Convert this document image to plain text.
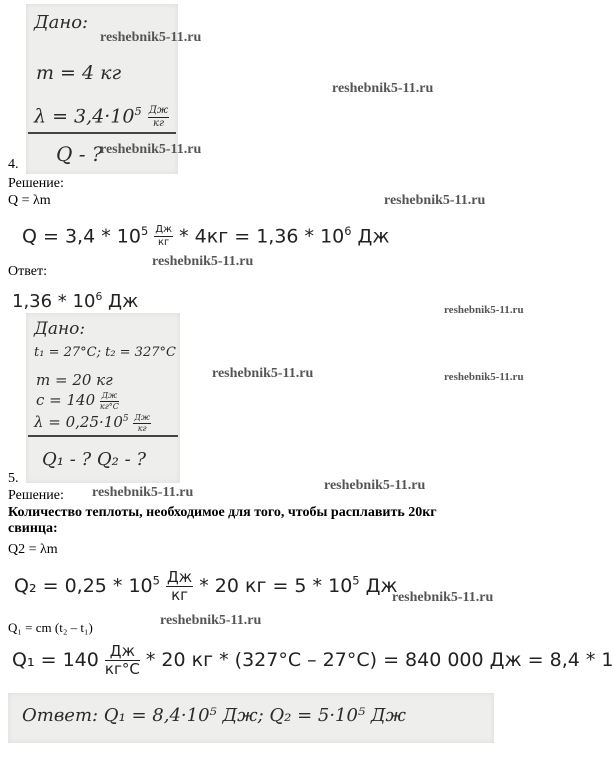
Дано:
m = 4 кг
$\lambda = 3,4\cdot 10^5 \frac{Дж}{кг}$
Q - ?
4.
Решение:
Q = λm
$Q = 3,4 * 10^5 \frac{Дж}{кг} * 4кг = 1,36 * 10^6$ Дж
Ответ:
$1,36 * 10^6$ Дж
Дано:
t₁ = 27°C; t₂ = 327°C
m = 20 кг
$c = 140 \frac{Дж}{кг^\circ С}$
$\lambda = 0,25\cdot 10^5 \frac{Дж}{кг}$
Q₁ - ? Q₂ - ?
5.
Решение:
Количество теплоты, необходимое для того, чтобы расплавить 20кг свинца:
Q2 = λm
$Q_2 = 0,25 * 10^5 \frac{Дж}{кг} * 20$ кг = $5 * 10^5$ Дж
Q₁ = cm (t₂ – t₁)
$Q_1 = 140 \frac{Дж}{кг^\circ С} * 20$ кг * (327°С – 27°С) = 840 000 Дж = 8,4 * 1
Ответ: Q₁ = 8,4·10⁵ Дж; Q₂ = 5·10⁵ Дж
reshebnik5-11.ru
reshebnik5-11.ru
reshebnik5-11.ru
reshebnik5-11.ru
reshebnik5-11.ru
reshebnik5-11.ru
reshebnik5-11.ru	reshebnik5-11.ru
reshebnik5-11.ru
reshebnik5-11.ru
reshebnik5-11.ru
reshebnik5-11.ru
